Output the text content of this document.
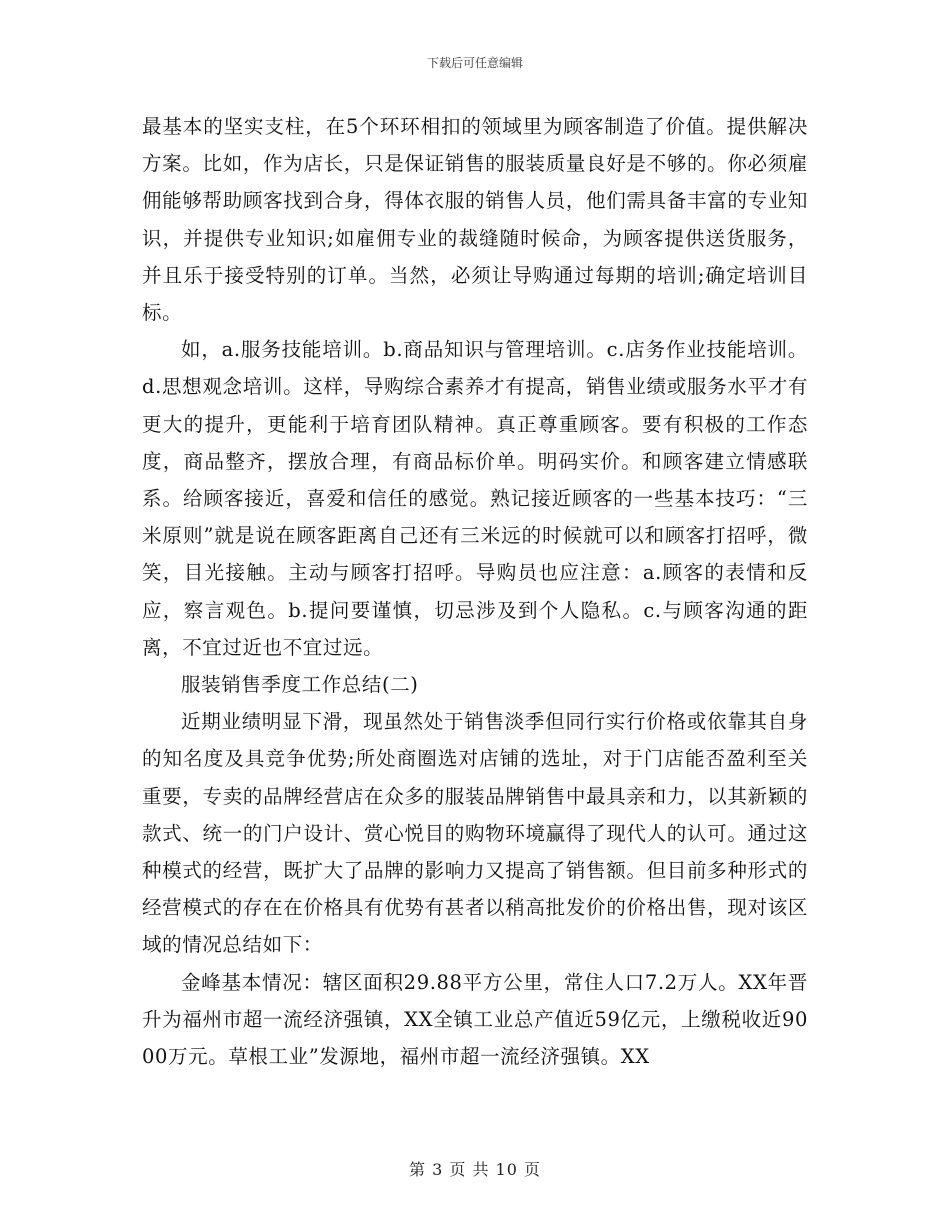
下载后可任意编辑

最基本的坚实支柱，在5个环环相扣的领域里为顾客制造了价值。提供解决方案。比如，作为店长，只是保证销售的服装质量良好是不够的。你必须雇佣能够帮助顾客找到合身，得体衣服的销售人员，他们需具备丰富的专业知识，并提供专业知识;如雇佣专业的裁缝随时候命，为顾客提供送货服务，并且乐于接受特别的订单。当然，必须让导购通过每期的培训;确定培训目标。

如，a.服务技能培训。b.商品知识与管理培训。c.店务作业技能培训。d.思想观念培训。这样，导购综合素养才有提高，销售业绩或服务水平才有更大的提升，更能利于培育团队精神。真正尊重顾客。要有积极的工作态度，商品整齐，摆放合理，有商品标价单。明码实价。和顾客建立情感联系。给顾客接近，喜爱和信任的感觉。熟记接近顾客的一些基本技巧：“三米原则”就是说在顾客距离自己还有三米远的时候就可以和顾客打招呼，微笑，目光接触。主动与顾客打招呼。导购员也应注意：a.顾客的表情和反应，察言观色。b.提问要谨慎，切忌涉及到个人隐私。c.与顾客沟通的距离，不宜过近也不宜过远。

服装销售季度工作总结(二)

近期业绩明显下滑，现虽然处于销售淡季但同行实行价格或依靠其自身的知名度及具竞争优势;所处商圈选对店铺的选址，对于门店能否盈利至关重要，专卖的品牌经营店在众多的服装品牌销售中最具亲和力，以其新颖的款式、统一的门户设计、赏心悦目的购物环境赢得了现代人的认可。通过这种模式的经营，既扩大了品牌的影响力又提高了销售额。但目前多种形式的经营模式的存在在价格具有优势有甚者以稍高批发价的价格出售，现对该区域的情况总结如下：

金峰基本情况：辖区面积29.88平方公里，常住人口7.2万人。XX年晋升为福州市超一流经济强镇，XX全镇工业总产值近59亿元，上缴税收近9000万元。草根工业”发源地，福州市超一流经济强镇。XX

第 3 页 共 10 页
